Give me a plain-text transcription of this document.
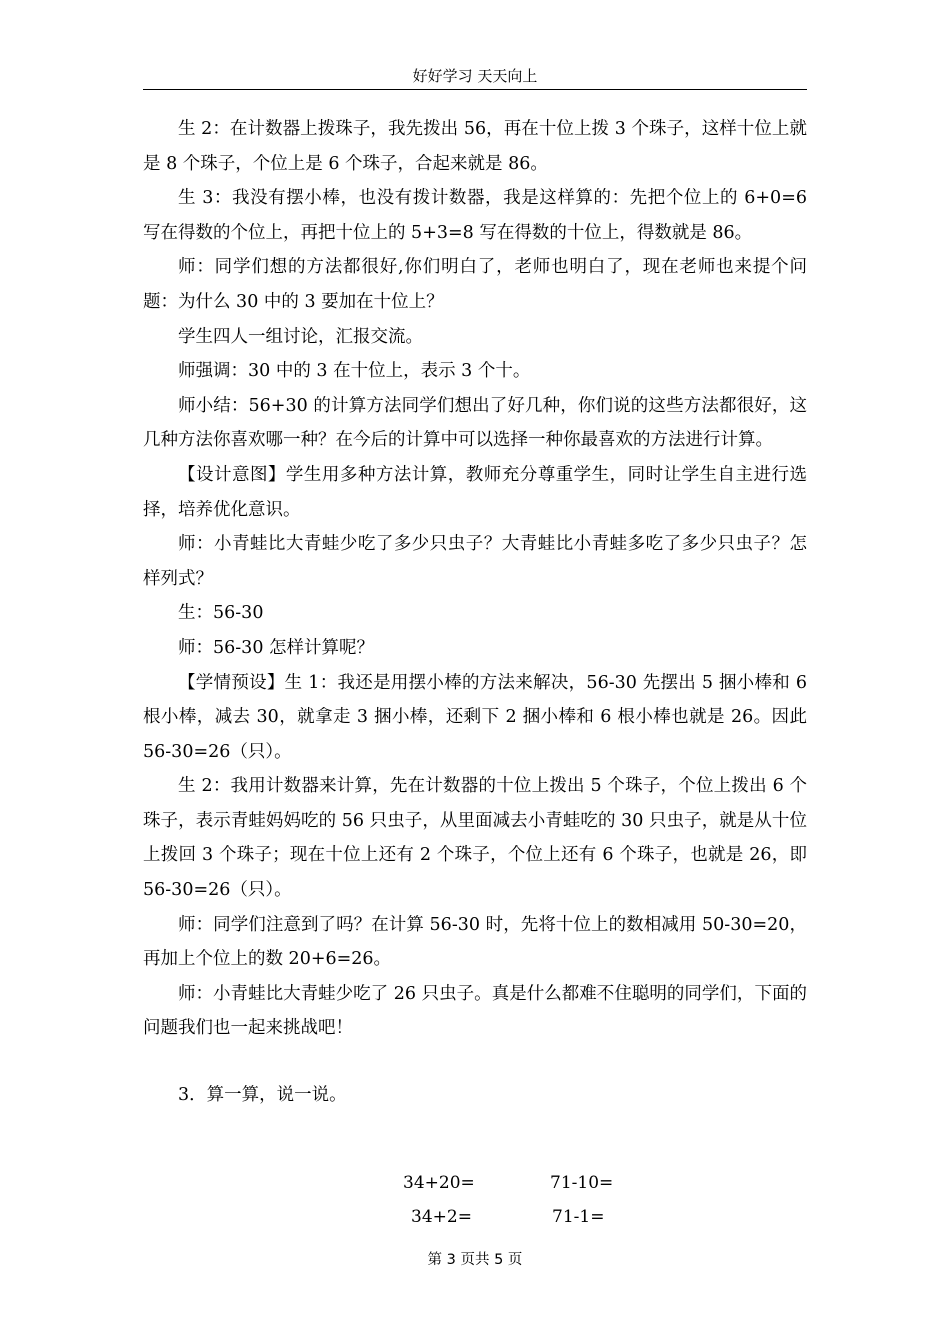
好好学习 天天向上

生 2：在计数器上拨珠子，我先拨出 56，再在十位上拨 3 个珠子，这样十位上就是 8 个珠子，个位上是 6 个珠子，合起来就是 86。

生 3：我没有摆小棒，也没有拨计数器，我是这样算的：先把个位上的 6+0=6 写在得数的个位上，再把十位上的 5+3=8 写在得数的十位上，得数就是 86。

师：同学们想的方法都很好,你们明白了，老师也明白了，现在老师也来提个问题：为什么 30 中的 3 要加在十位上？

学生四人一组讨论，汇报交流。

师强调：30 中的 3 在十位上，表示 3 个十。

师小结：56+30 的计算方法同学们想出了好几种，你们说的这些方法都很好，这几种方法你喜欢哪一种？在今后的计算中可以选择一种你最喜欢的方法进行计算。

【设计意图】学生用多种方法计算，教师充分尊重学生，同时让学生自主进行选择，培养优化意识。

师：小青蛙比大青蛙少吃了多少只虫子？大青蛙比小青蛙多吃了多少只虫子？怎样列式？

生：56-30

师：56-30 怎样计算呢？

【学情预设】生 1：我还是用摆小棒的方法来解决，56-30 先摆出 5 捆小棒和 6 根小棒，减去 30，就拿走 3 捆小棒，还剩下 2 捆小棒和 6 根小棒也就是 26。因此 56-30=26（只）。

生 2：我用计数器来计算，先在计数器的十位上拨出 5 个珠子，个位上拨出 6 个珠子，表示青蛙妈妈吃的 56 只虫子，从里面减去小青蛙吃的 30 只虫子，就是从十位上拨回 3 个珠子；现在十位上还有 2 个珠子，个位上还有 6 个珠子，也就是 26，即 56-30=26（只）。

师：同学们注意到了吗？在计算 56-30 时，先将十位上的数相减用 50-30=20，再加上个位上的数 20+6=26。

师：小青蛙比大青蛙少吃了 26 只虫子。真是什么都难不住聪明的同学们，下面的问题我们也一起来挑战吧！

3．算一算，说一说。

34+20=	71-10=
34+2=	71-1=
第 3 页共 5 页
